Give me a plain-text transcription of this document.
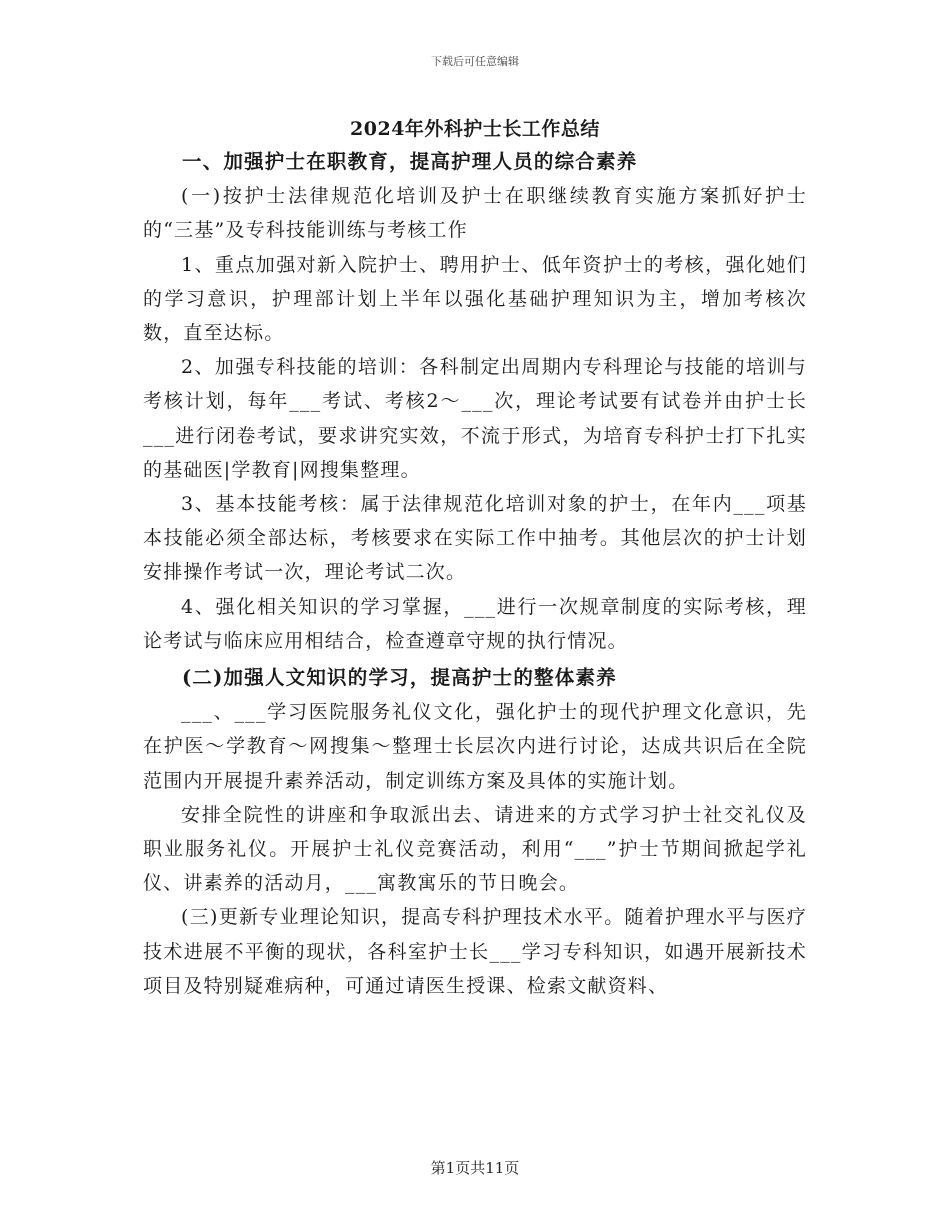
下载后可任意编辑
2024年外科护士长工作总结

一、加强护士在职教育，提高护理人员的综合素养

(一)按护士法律规范化培训及护士在职继续教育实施方案抓好护士的“三基”及专科技能训练与考核工作

1、重点加强对新入院护士、聘用护士、低年资护士的考核，强化她们的学习意识，护理部计划上半年以强化基础护理知识为主，增加考核次数，直至达标。

2、加强专科技能的培训：各科制定出周期内专科理论与技能的培训与考核计划，每年___考试、考核2～___次，理论考试要有试卷并由护士长___进行闭卷考试，要求讲究实效，不流于形式，为培育专科护士打下扎实的基础医|学教育|网搜集整理。

3、基本技能考核：属于法律规范化培训对象的护士，在年内___项基本技能必须全部达标，考核要求在实际工作中抽考。其他层次的护士计划安排操作考试一次，理论考试二次。

4、强化相关知识的学习掌握，___进行一次规章制度的实际考核，理论考试与临床应用相结合，检查遵章守规的执行情况。

(二)加强人文知识的学习，提高护士的整体素养

___、___学习医院服务礼仪文化，强化护士的现代护理文化意识，先在护医～学教育～网搜集～整理士长层次内进行讨论，达成共识后在全院范围内开展提升素养活动，制定训练方案及具体的实施计划。

安排全院性的讲座和争取派出去、请进来的方式学习护士社交礼仪及职业服务礼仪。开展护士礼仪竞赛活动，利用“___”护士节期间掀起学礼仪、讲素养的活动月，___寓教寓乐的节日晚会。

(三)更新专业理论知识，提高专科护理技术水平。随着护理水平与医疗技术进展不平衡的现状，各科室护士长___学习专科知识，如遇开展新技术项目及特别疑难病种，可通过请医生授课、检索文献资料、

第1页共11页
